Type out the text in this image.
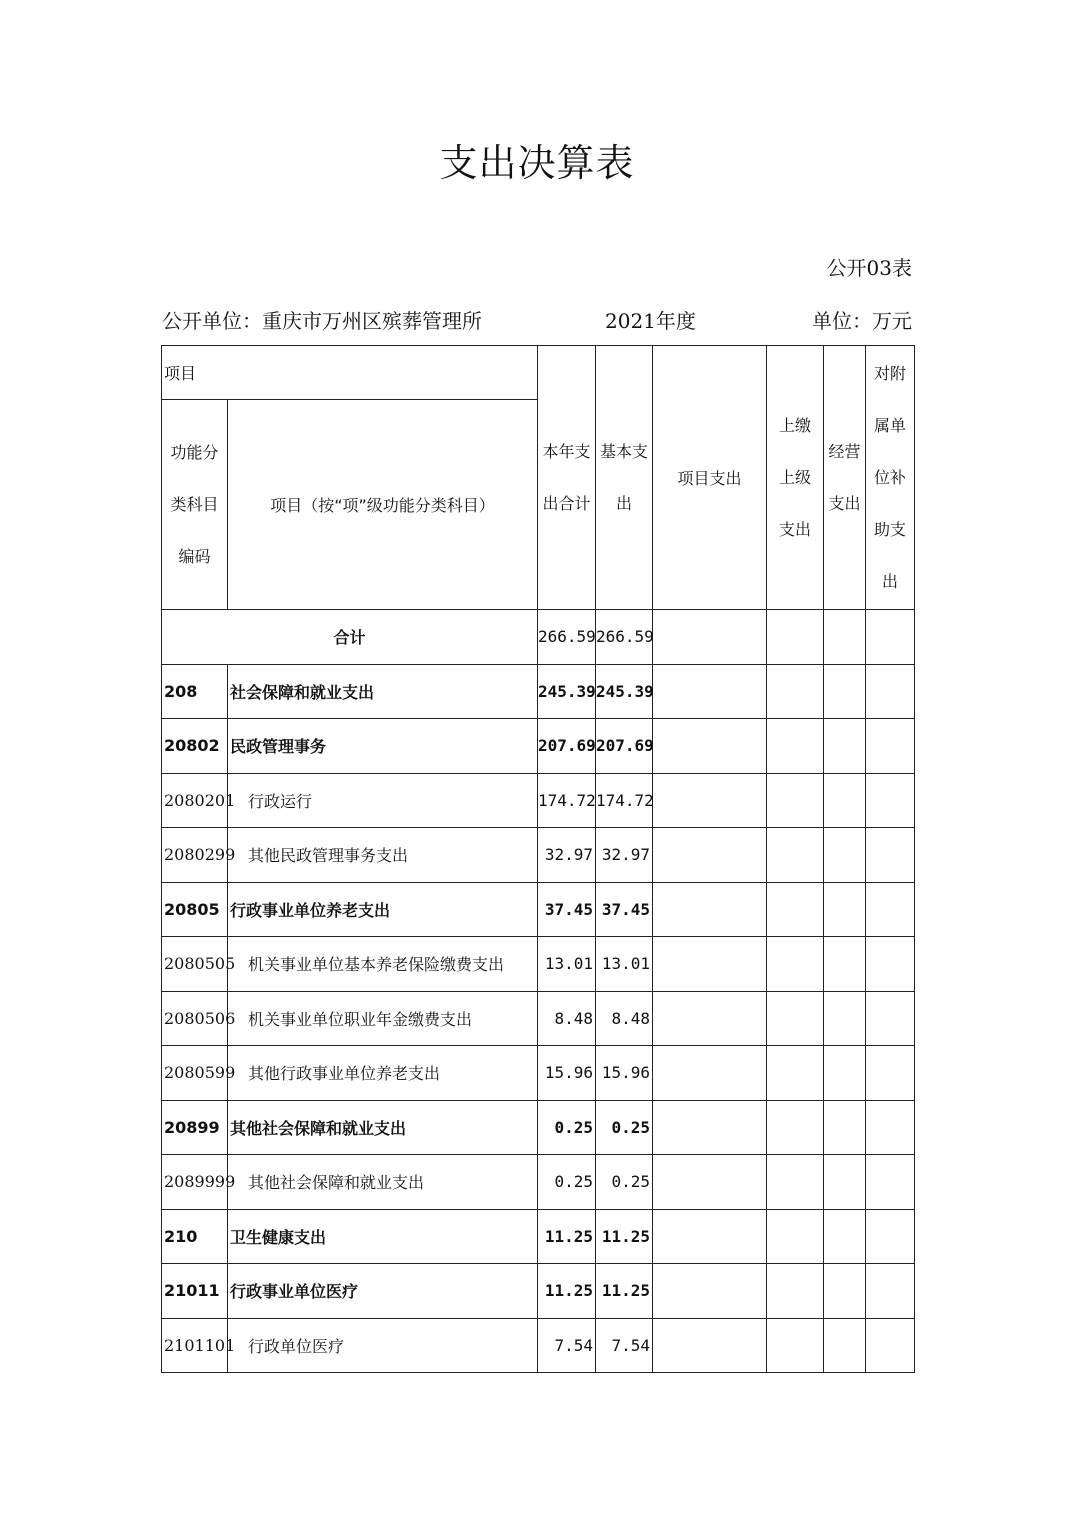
支出决算表
公开03表
公开单位：重庆市万州区殡葬管理所	2021年度	单位：万元
项目		本年支出合计	基本支出	项目支出	上缴上级支出	经营支出	对附属单位补助支出
功能分类科目编码	项目（按“项”级功能分类科目）						
合计		266.59	266.59				
208	社会保障和就业支出	245.39	245.39				
20802	民政管理事务	207.69	207.69				
2080201	行政运行	174.72	174.72				
2080299	其他民政管理事务支出	32.97	32.97				
20805	行政事业单位养老支出	37.45	37.45				
2080505	机关事业单位基本养老保险缴费支出	13.01	13.01				
2080506	机关事业单位职业年金缴费支出	8.48	8.48				
2080599	其他行政事业单位养老支出	15.96	15.96				
20899	其他社会保障和就业支出	0.25	0.25				
2089999	其他社会保障和就业支出	0.25	0.25				
210	卫生健康支出	11.25	11.25				
21011	行政事业单位医疗	11.25	11.25				
2101101	行政单位医疗	7.54	7.54				
